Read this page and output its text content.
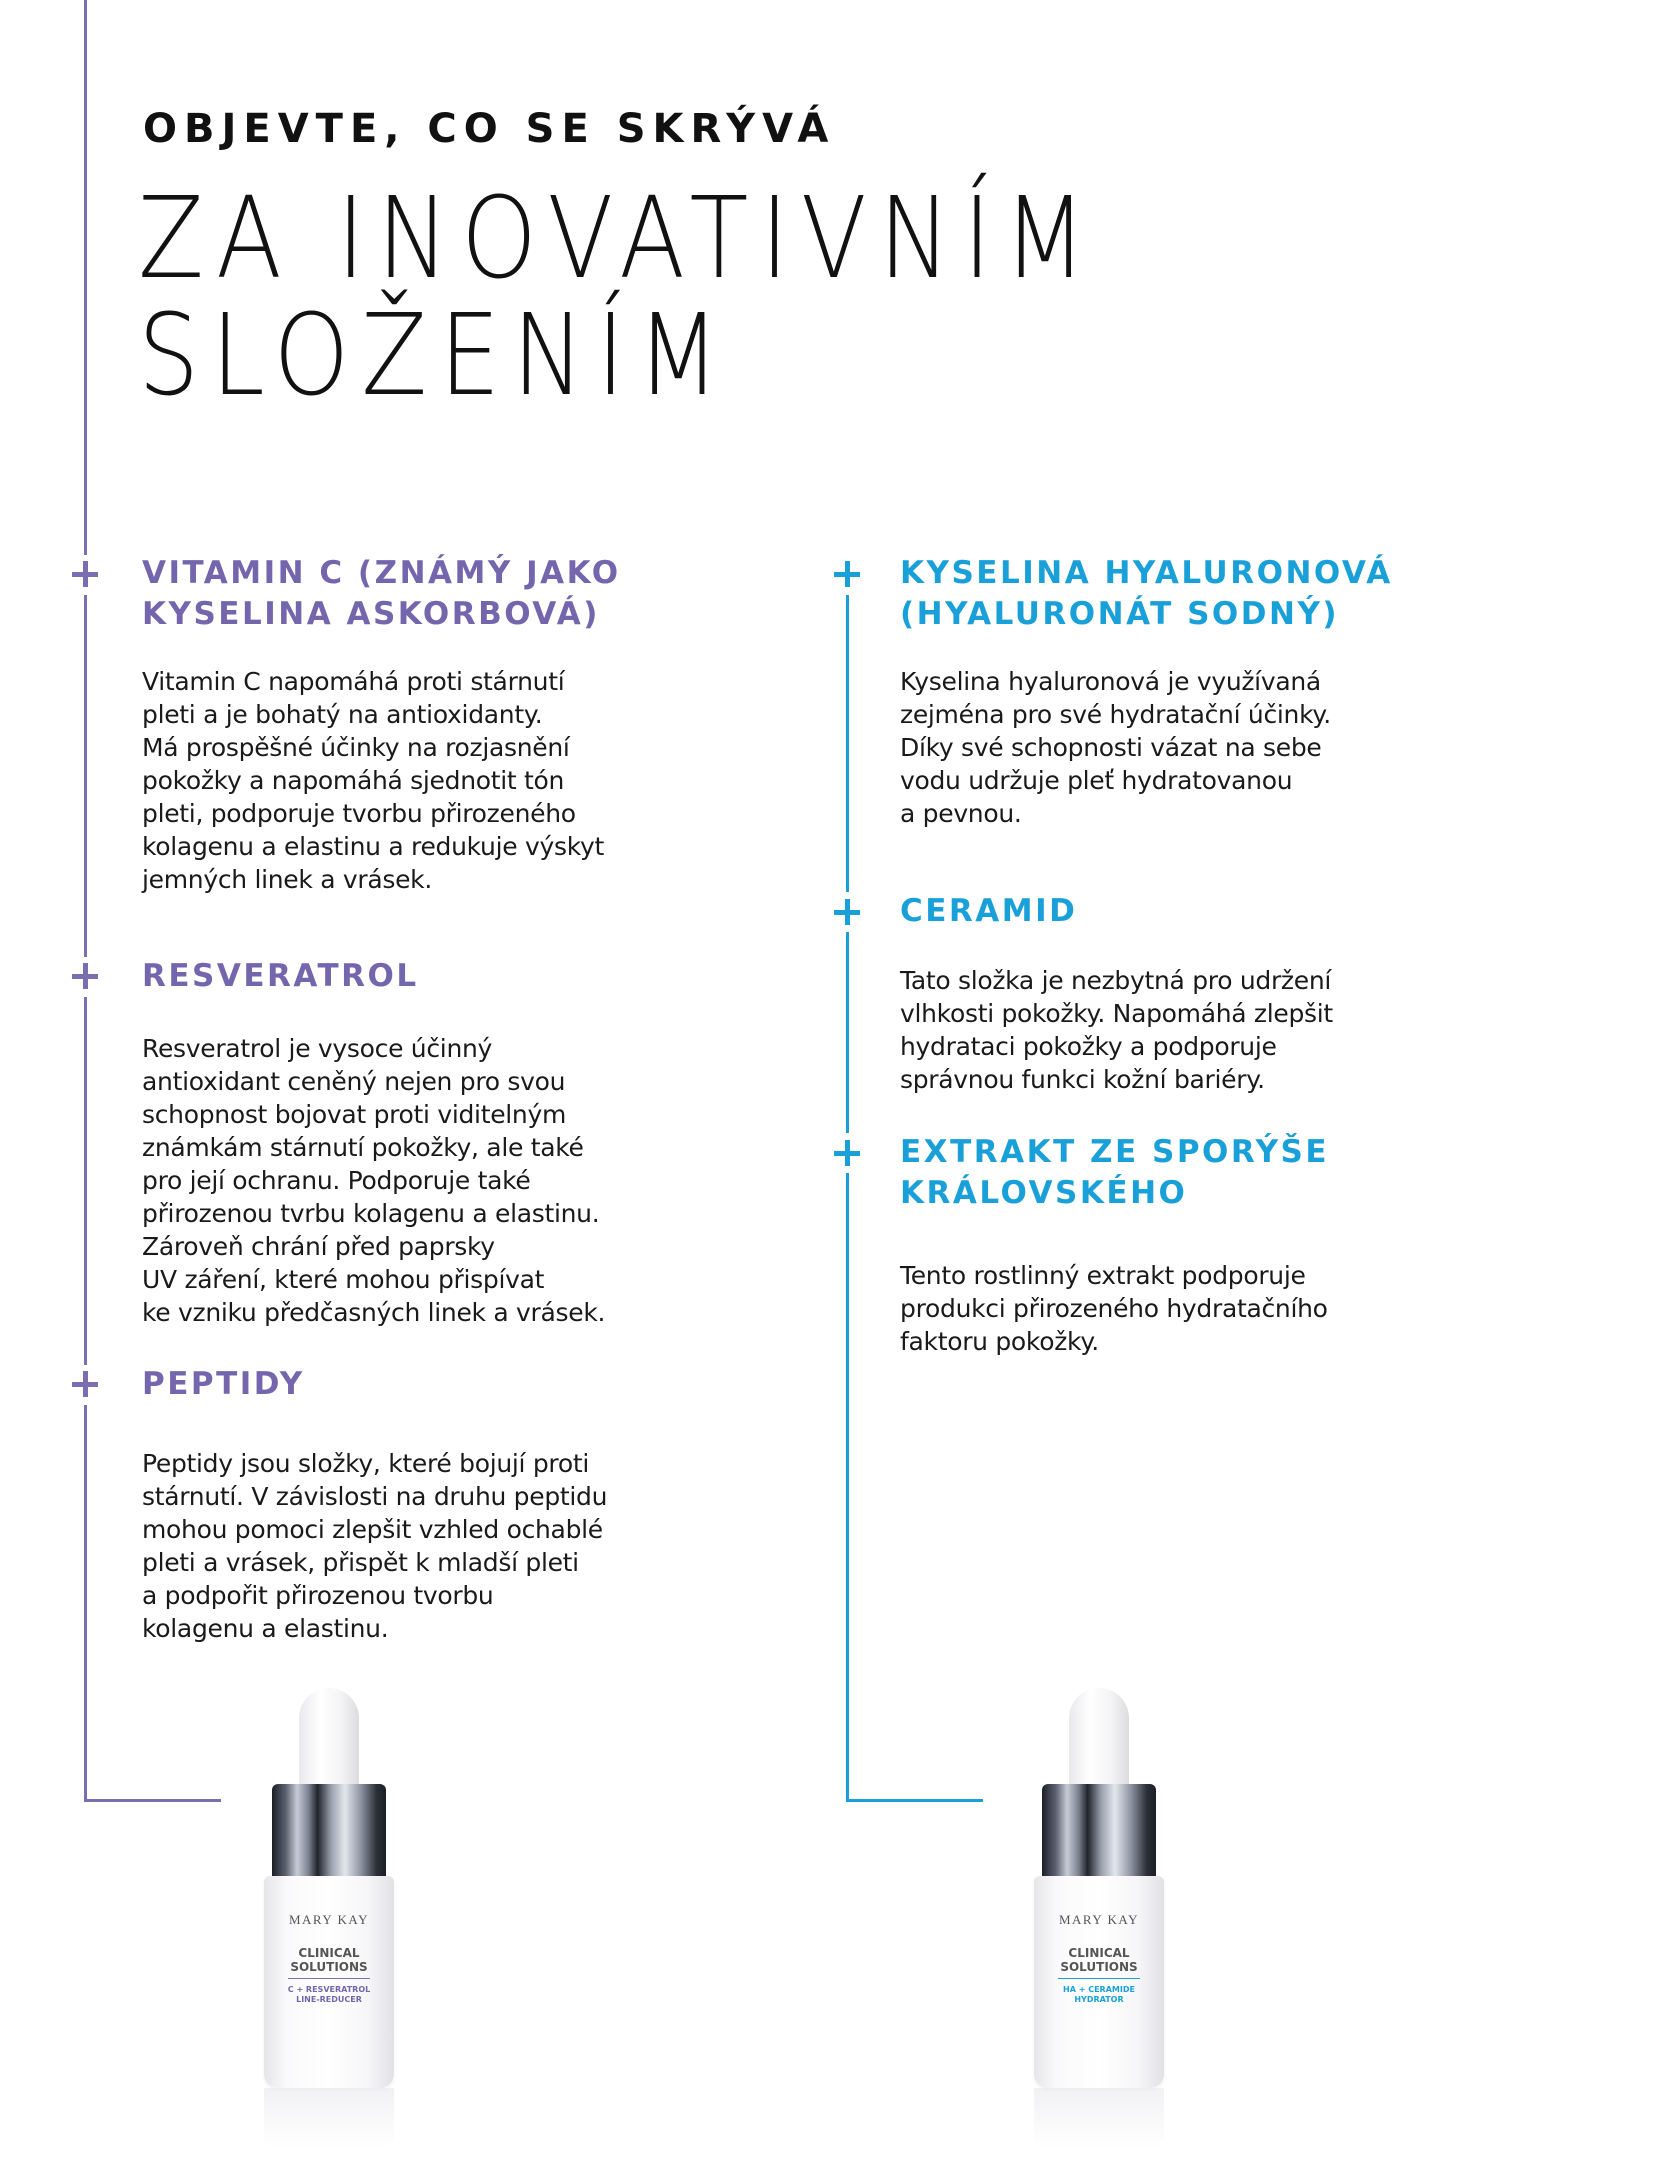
OBJEVTE, CO SE SKRÝVÁ
ZA INOVATIVNÍM
SLOŽENÍM
VITAMIN C (ZNÁMÝ JAKO
KYSELINA ASKORBOVÁ)
Vitamin C napomáhá proti stárnutí
pleti a je bohatý na antioxidanty.
Má prospěšné účinky na rozjasnění
pokožky a napomáhá sjednotit tón
pleti, podporuje tvorbu přirozeného
kolagenu a elastinu a redukuje výskyt
jemných linek a vrásek.
RESVERATROL
Resveratrol je vysoce účinný
antioxidant ceněný nejen pro svou
schopnost bojovat proti viditelným
známkám stárnutí pokožky, ale také
pro její ochranu. Podporuje také
přirozenou tvrbu kolagenu a elastinu.
Zároveň chrání před paprsky
UV záření, které mohou přispívat
ke vzniku předčasných linek a vrásek.
PEPTIDY
Peptidy jsou složky, které bojují proti
stárnutí. V závislosti na druhu peptidu
mohou pomoci zlepšit vzhled ochablé
pleti a vrásek, přispět k mladší pleti
a podpořit přirozenou tvorbu
kolagenu a elastinu.
KYSELINA HYALURONOVÁ
(HYALURONÁT SODNÝ)
Kyselina hyaluronová je využívaná
zejména pro své hydratační účinky.
Díky své schopnosti vázat na sebe
vodu udržuje pleť hydratovanou
a pevnou.
CERAMID
Tato složka je nezbytná pro udržení
vlhkosti pokožky. Napomáhá zlepšit
hydrataci pokožky a podporuje
správnou funkci kožní bariéry.
EXTRAKT ZE SPORÝŠE
KRÁLOVSKÉHO
Tento rostlinný extrakt podporuje
produkci přirozeného hydratačního
faktoru pokožky.
MARY KAY
CLINICAL
SOLUTIONS
C + RESVERATROL
LINE-REDUCER
MARY KAY
CLINICAL
SOLUTIONS
HA + CERAMIDE
HYDRATOR
